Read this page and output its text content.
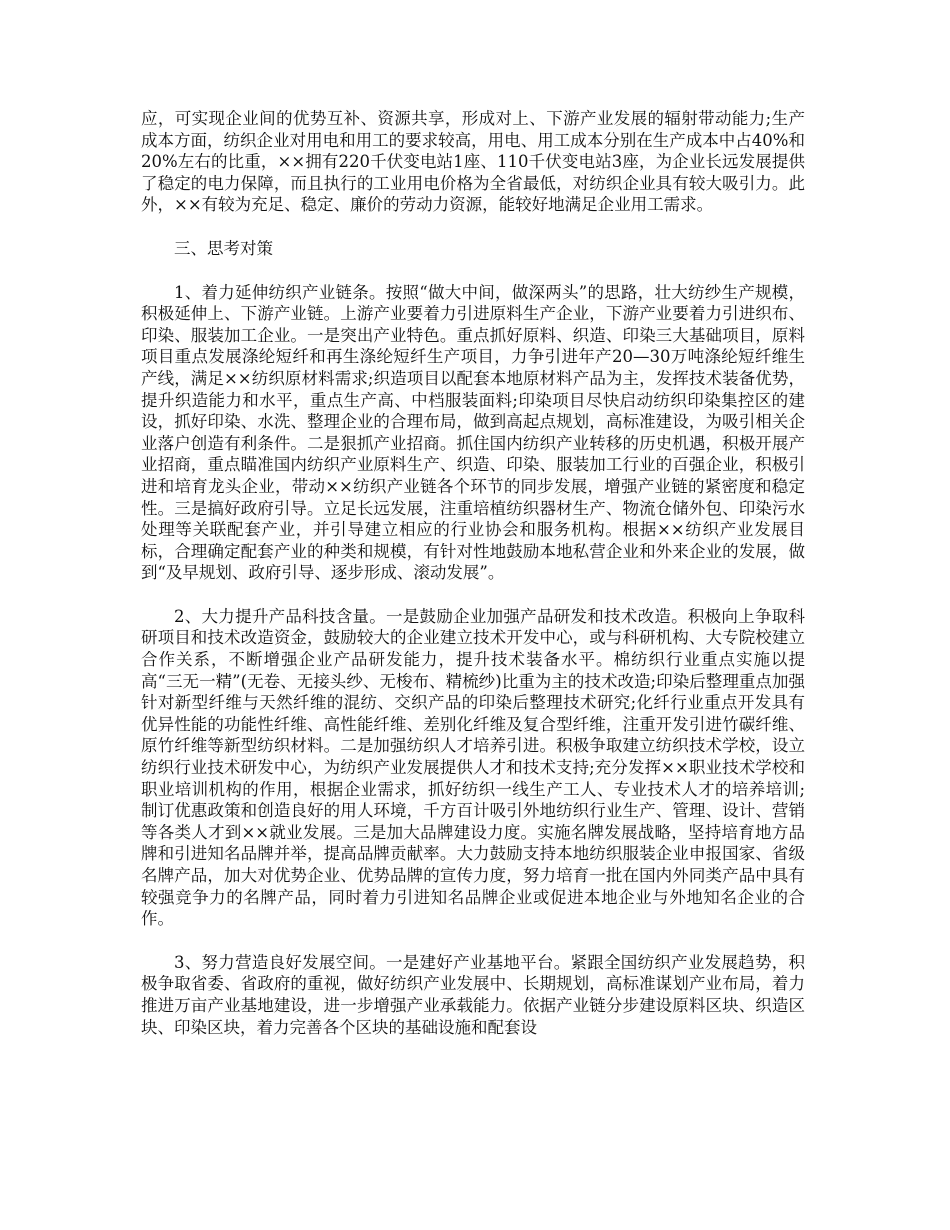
应，可实现企业间的优势互补、资源共享，形成对上、下游产业发展的辐射带动能力;生产成本方面，纺织企业对用电和用工的要求较高，用电、用工成本分别在生产成本中占40%和20%左右的比重，××拥有220千伏变电站1座、110千伏变电站3座，为企业长远发展提供了稳定的电力保障，而且执行的工业用电价格为全省最低，对纺织企业具有较大吸引力。此外，××有较为充足、稳定、廉价的劳动力资源，能较好地满足企业用工需求。

三、思考对策

1、着力延伸纺织产业链条。按照“做大中间，做深两头”的思路，壮大纺纱生产规模，积极延伸上、下游产业链。上游产业要着力引进原料生产企业，下游产业要着力引进织布、印染、服装加工企业。一是突出产业特色。重点抓好原料、织造、印染三大基础项目，原料项目重点发展涤纶短纤和再生涤纶短纤生产项目，力争引进年产20—30万吨涤纶短纤维生产线，满足××纺织原材料需求;织造项目以配套本地原材料产品为主，发挥技术装备优势，提升织造能力和水平，重点生产高、中档服装面料;印染项目尽快启动纺织印染集控区的建设，抓好印染、水洗、整理企业的合理布局，做到高起点规划，高标准建设，为吸引相关企业落户创造有利条件。二是狠抓产业招商。抓住国内纺织产业转移的历史机遇，积极开展产业招商，重点瞄准国内纺织产业原料生产、织造、印染、服装加工行业的百强企业，积极引进和培育龙头企业，带动××纺织产业链各个环节的同步发展，增强产业链的紧密度和稳定性。三是搞好政府引导。立足长远发展，注重培植纺织器材生产、物流仓储外包、印染污水处理等关联配套产业，并引导建立相应的行业协会和服务机构。根据××纺织产业发展目标，合理确定配套产业的种类和规模，有针对性地鼓励本地私营企业和外来企业的发展，做到“及早规划、政府引导、逐步形成、滚动发展”。

2、大力提升产品科技含量。一是鼓励企业加强产品研发和技术改造。积极向上争取科研项目和技术改造资金，鼓励较大的企业建立技术开发中心，或与科研机构、大专院校建立合作关系，不断增强企业产品研发能力，提升技术装备水平。棉纺织行业重点实施以提高“三无一精”(无卷、无接头纱、无梭布、精梳纱)比重为主的技术改造;印染后整理重点加强针对新型纤维与天然纤维的混纺、交织产品的印染后整理技术研究;化纤行业重点开发具有优异性能的功能性纤维、高性能纤维、差别化纤维及复合型纤维，注重开发引进竹碳纤维、原竹纤维等新型纺织材料。二是加强纺织人才培养引进。积极争取建立纺织技术学校，设立纺织行业技术研发中心，为纺织产业发展提供人才和技术支持;充分发挥××职业技术学校和职业培训机构的作用，根据企业需求，抓好纺织一线生产工人、专业技术人才的培养培训;制订优惠政策和创造良好的用人环境，千方百计吸引外地纺织行业生产、管理、设计、营销等各类人才到××就业发展。三是加大品牌建设力度。实施名牌发展战略，坚持培育地方品牌和引进知名品牌并举，提高品牌贡献率。大力鼓励支持本地纺织服装企业申报国家、省级名牌产品，加大对优势企业、优势品牌的宣传力度，努力培育一批在国内外同类产品中具有较强竞争力的名牌产品，同时着力引进知名品牌企业或促进本地企业与外地知名企业的合作。

3、努力营造良好发展空间。一是建好产业基地平台。紧跟全国纺织产业发展趋势，积极争取省委、省政府的重视，做好纺织产业发展中、长期规划，高标准谋划产业布局，着力推进万亩产业基地建设，进一步增强产业承载能力。依据产业链分步建设原料区块、织造区块、印染区块，着力完善各个区块的基础设施和配套设
